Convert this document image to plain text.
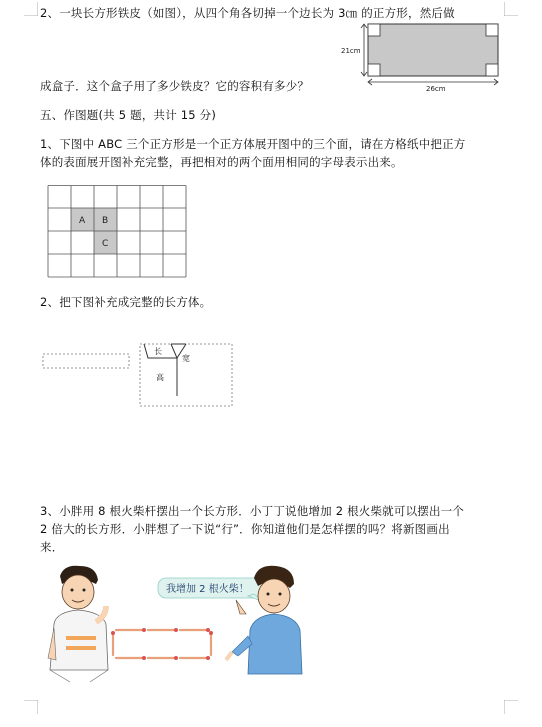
2、一块长方形铁皮（如图），从四个角各切掉一个边长为 3㎝ 的正方形，然后做
21cm
26cm
成盒子．这个盒子用了多少铁皮？它的容积有多少？
五、作图题(共 5 题，共计 15 分)
1、下图中 ABC 三个正方形是一个正方体展开图中的三个面，请在方格纸中把正方
体的表面展开图补充完整，再把相对的两个面用相同的字母表示出来。
A B
C
2、把下图补充成完整的长方体。
长
宽
高
3、小胖用 8 根火柴杆摆出一个长方形．小丁丁说他增加 2 根火柴就可以摆出一个
2 倍大的长方形．小胖想了一下说“行”．你知道他们是怎样摆的吗？将新图画出
来．
我增加 2 根火柴！
